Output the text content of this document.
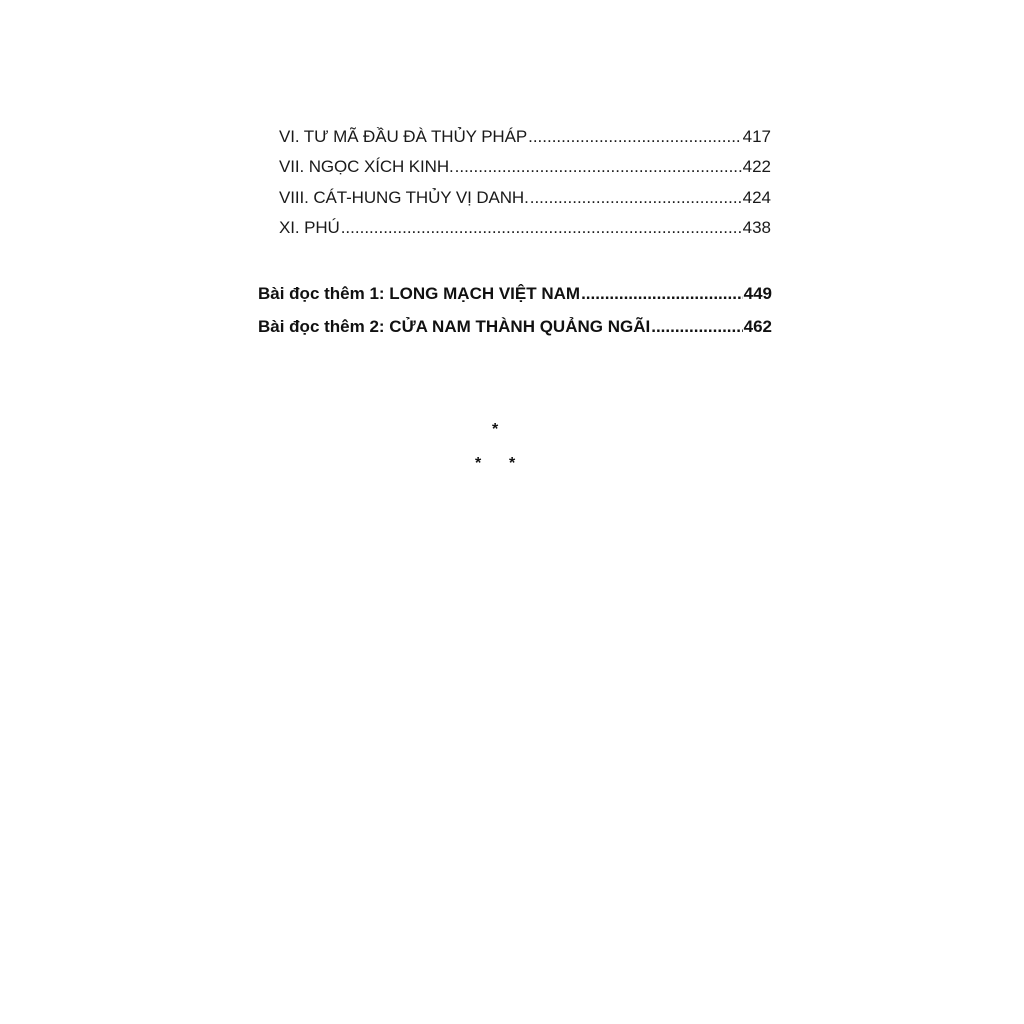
VI. TƯ MÃ ĐẦU ĐÀ THỦY PHÁP .....	417
VII. NGỌC XÍCH KINH. .....	422
VIII. CÁT-HUNG THỦY VỊ DANH. .....	424
XI. PHÚ .....	438
Bài đọc thêm 1: LONG MẠCH VIỆT NAM .....	449
Bài đọc thêm 2: CỬA NAM THÀNH QUẢNG NGÃI .....	462
*
* *
